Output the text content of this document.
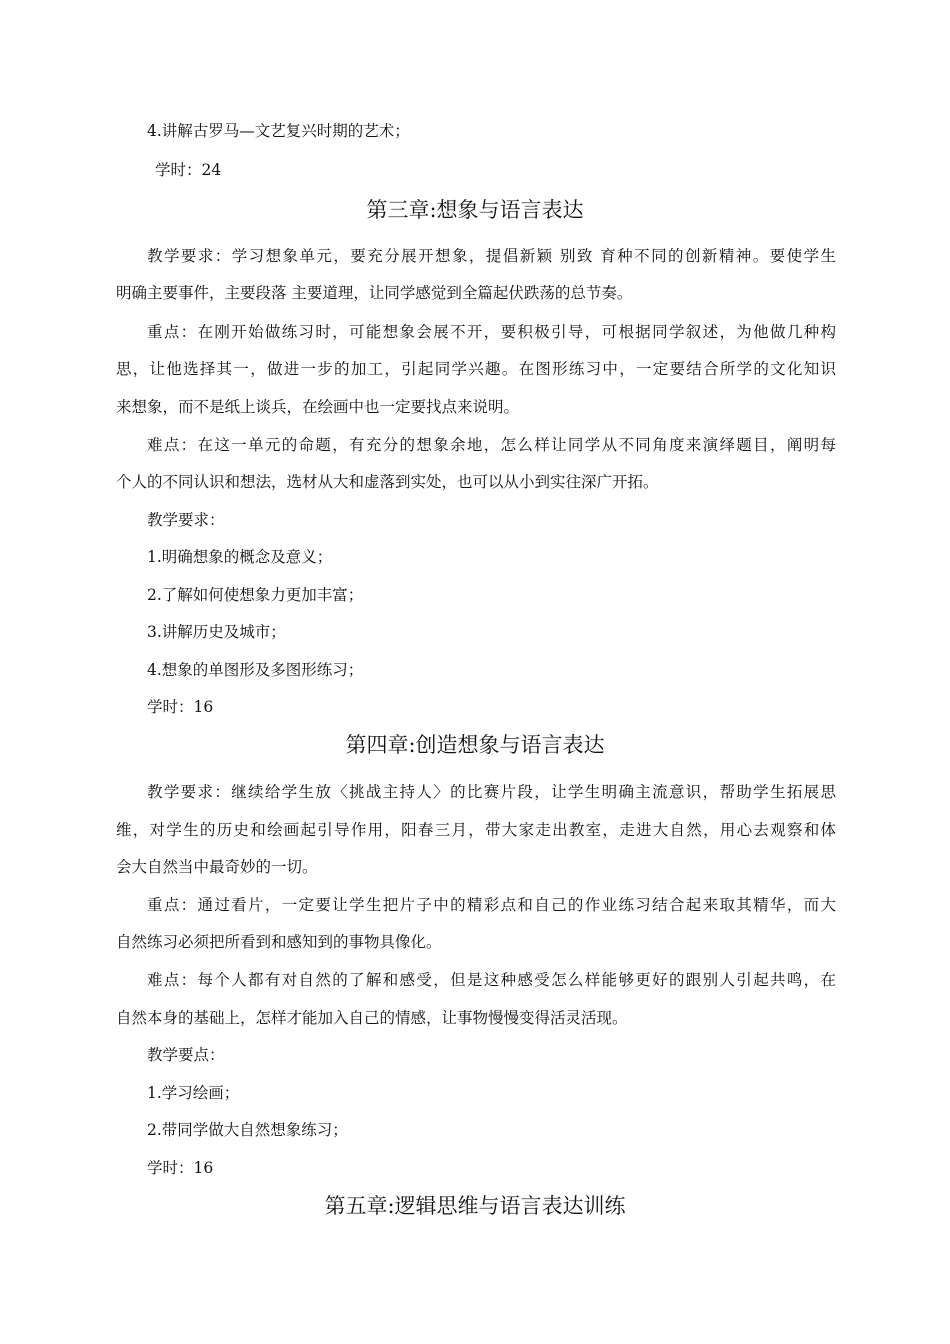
4.讲解古罗马—文艺复兴时期的艺术；
学时：24
第三章:想象与语言表达
教学要求：学习想象单元，要充分展开想象，提倡新颖 别致 育种不同的创新精神。要使学生
明确主要事件，主要段落 主要道理，让同学感觉到全篇起伏跌荡的总节奏。
重点：在刚开始做练习时，可能想象会展不开，要积极引导，可根据同学叙述，为他做几种构
思，让他选择其一，做进一步的加工，引起同学兴趣。在图形练习中，一定要结合所学的文化知识
来想象，而不是纸上谈兵，在绘画中也一定要找点来说明。
难点：在这一单元的命题，有充分的想象余地，怎么样让同学从不同角度来演绎题目，阐明每
个人的不同认识和想法，选材从大和虚落到实处，也可以从小到实往深广开拓。
教学要求：
1.明确想象的概念及意义；
2.了解如何使想象力更加丰富；
3.讲解历史及城市；
4.想象的单图形及多图形练习；
学时：16
第四章:创造想象与语言表达
教学要求：继续给学生放〈挑战主持人〉的比赛片段，让学生明确主流意识，帮助学生拓展思
维，对学生的历史和绘画起引导作用，阳春三月，带大家走出教室，走进大自然，用心去观察和体
会大自然当中最奇妙的一切。
重点：通过看片，一定要让学生把片子中的精彩点和自己的作业练习结合起来取其精华，而大
自然练习必须把所看到和感知到的事物具像化。
难点：每个人都有对自然的了解和感受，但是这种感受怎么样能够更好的跟别人引起共鸣，在
自然本身的基础上，怎样才能加入自己的情感，让事物慢慢变得活灵活现。
教学要点：
1.学习绘画；
2.带同学做大自然想象练习；
学时：16
第五章:逻辑思维与语言表达训练
